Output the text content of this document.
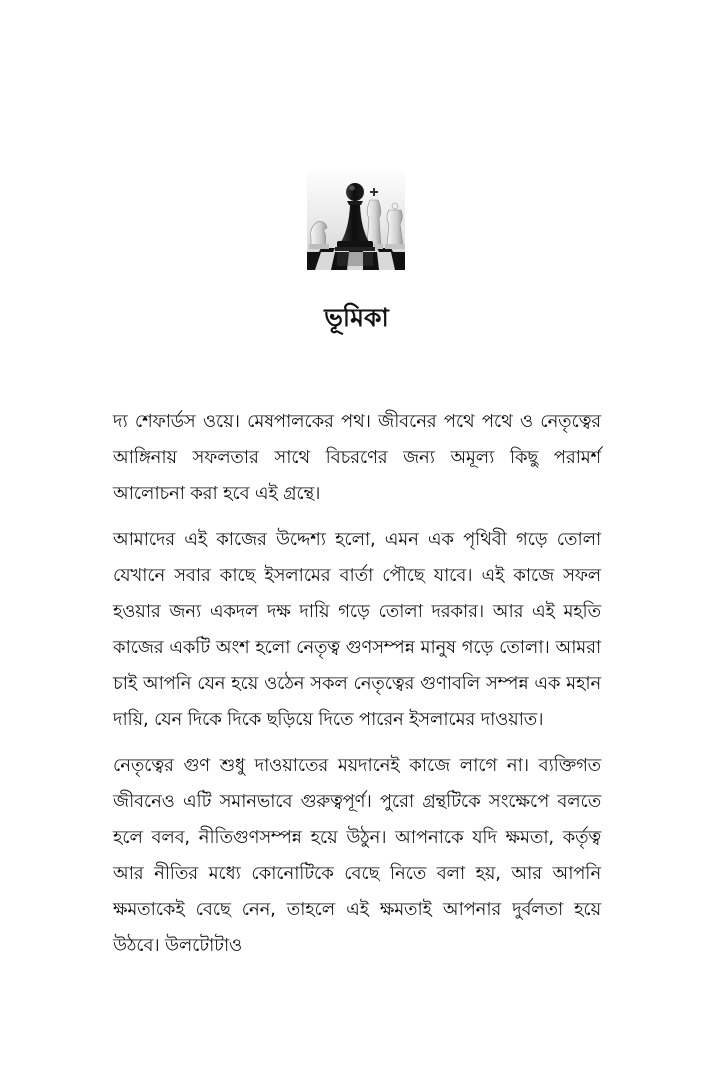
ভূমিকা

দ্য শেফার্ডস ওয়ে। মেষপালকের পথ। জীবনের পথে পথে ও নেতৃত্বের আঙ্গিনায় সফলতার সাথে বিচরণের জন্য অমূল্য কিছু পরামর্শ আলোচনা করা হবে এই গ্রন্থে।

আমাদের এই কাজের উদ্দেশ্য হলো, এমন এক পৃথিবী গড়ে তোলা যেখানে সবার কাছে ইসলামের বার্তা পৌছে যাবে। এই কাজে সফল হওয়ার জন্য একদল দক্ষ দায়ি গড়ে তোলা দরকার। আর এই মহতি কাজের একটি অংশ হলো নেতৃত্ব গুণসম্পন্ন মানুষ গড়ে তোলা। আমরা চাই আপনি যেন হয়ে ওঠেন সকল নেতৃত্বের গুণাবলি সম্পন্ন এক মহান দায়ি, যেন দিকে দিকে ছড়িয়ে দিতে পারেন ইসলামের দাওয়াত।

নেতৃত্বের গুণ শুধু দাওয়াতের ময়দানেই কাজে লাগে না। ব্যক্তিগত জীবনেও এটি সমানভাবে গুরুত্বপূর্ণ। পুরো গ্রন্থটিকে সংক্ষেপে বলতে হলে বলব, নীতিগুণসম্পন্ন হয়ে উঠুন। আপনাকে যদি ক্ষমতা, কর্তৃত্ব আর নীতির মধ্যে কোনোটিকে বেছে নিতে বলা হয়, আর আপনি ক্ষমতাকেই বেছে নেন, তাহলে এই ক্ষমতাই আপনার দুর্বলতা হয়ে উঠবে। উলটোটাও
